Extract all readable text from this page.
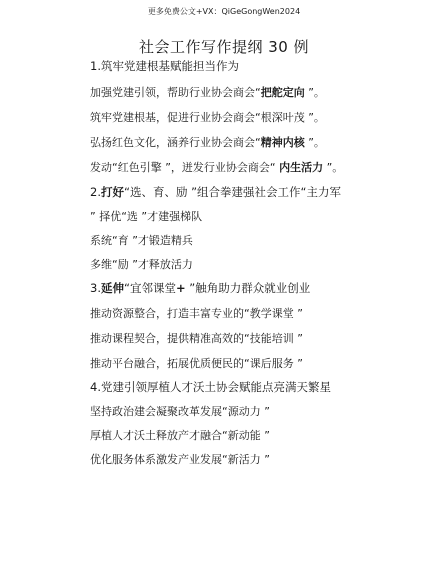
更多免费公文+VX：QiGeGongWen2024
社会工作写作提纲 30 例

1.筑牢党建根基赋能担当作为

加强党建引领，帮助行业协会商会“把舵定向 ”。

筑牢党建根基，促进行业协会商会“根深叶茂 ”。

弘扬红色文化，涵养行业协会商会“精神内核 ”。

发动“红色引擎 ”，迸发行业协会商会“ 内生活力 ”。

2.打好“选、育、励 ”组合拳建强社会工作“主力军

” 择优“选 ”才建强梯队

系统“育 ”才锻造精兵

多维“励 ”才释放活力

3.延伸“宜邻课堂+ ”触角助力群众就业创业

推动资源整合，打造丰富专业的“教学课堂 ”

推动课程契合，提供精准高效的“技能培训 ”

推动平台融合，拓展优质便民的“课后服务 ”

4.党建引领厚植人才沃土协会赋能点亮满天繁星

坚持政治建会凝聚改革发展“源动力 ”

厚植人才沃土释放产才融合“新动能 ”

优化服务体系激发产业发展“新活力 ”
